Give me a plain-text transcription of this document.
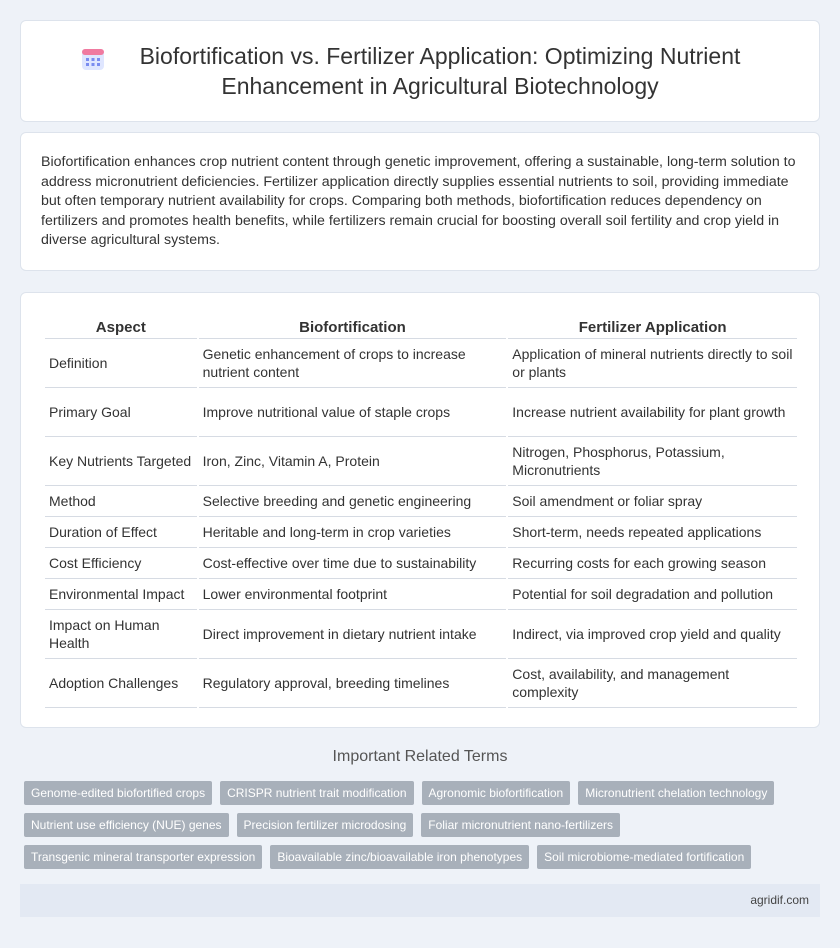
Biofortification vs. Fertilizer Application: Optimizing Nutrient Enhancement in Agricultural Biotechnology

Biofortification enhances crop nutrient content through genetic improvement, offering a sustainable, long-term solution to address micronutrient deficiencies. Fertilizer application directly supplies essential nutrients to soil, providing immediate but often temporary nutrient availability for crops. Comparing both methods, biofortification reduces dependency on fertilizers and promotes health benefits, while fertilizers remain crucial for boosting overall soil fertility and crop yield in diverse agricultural systems.

Aspect	Biofortification	Fertilizer Application
Definition	Genetic enhancement of crops to increase nutrient content	Application of mineral nutrients directly to soil or plants
Primary Goal	Improve nutritional value of staple crops	Increase nutrient availability for plant growth
Key Nutrients Targeted	Iron, Zinc, Vitamin A, Protein	Nitrogen, Phosphorus, Potassium, Micronutrients
Method	Selective breeding and genetic engineering	Soil amendment or foliar spray
Duration of Effect	Heritable and long-term in crop varieties	Short-term, needs repeated applications
Cost Efficiency	Cost-effective over time due to sustainability	Recurring costs for each growing season
Environmental Impact	Lower environmental footprint	Potential for soil degradation and pollution
Impact on Human Health	Direct improvement in dietary nutrient intake	Indirect, via improved crop yield and quality
Adoption Challenges	Regulatory approval, breeding timelines	Cost, availability, and management complexity
Important Related Terms
Genome-edited biofortified crops	CRISPR nutrient trait modification	Agronomic biofortification	Micronutrient chelation technology
Nutrient use efficiency (NUE) genes	Precision fertilizer microdosing	Foliar micronutrient nano-fertilizers
Transgenic mineral transporter expression	Bioavailable zinc/bioavailable iron phenotypes	Soil microbiome-mediated fortification
agridif.com
